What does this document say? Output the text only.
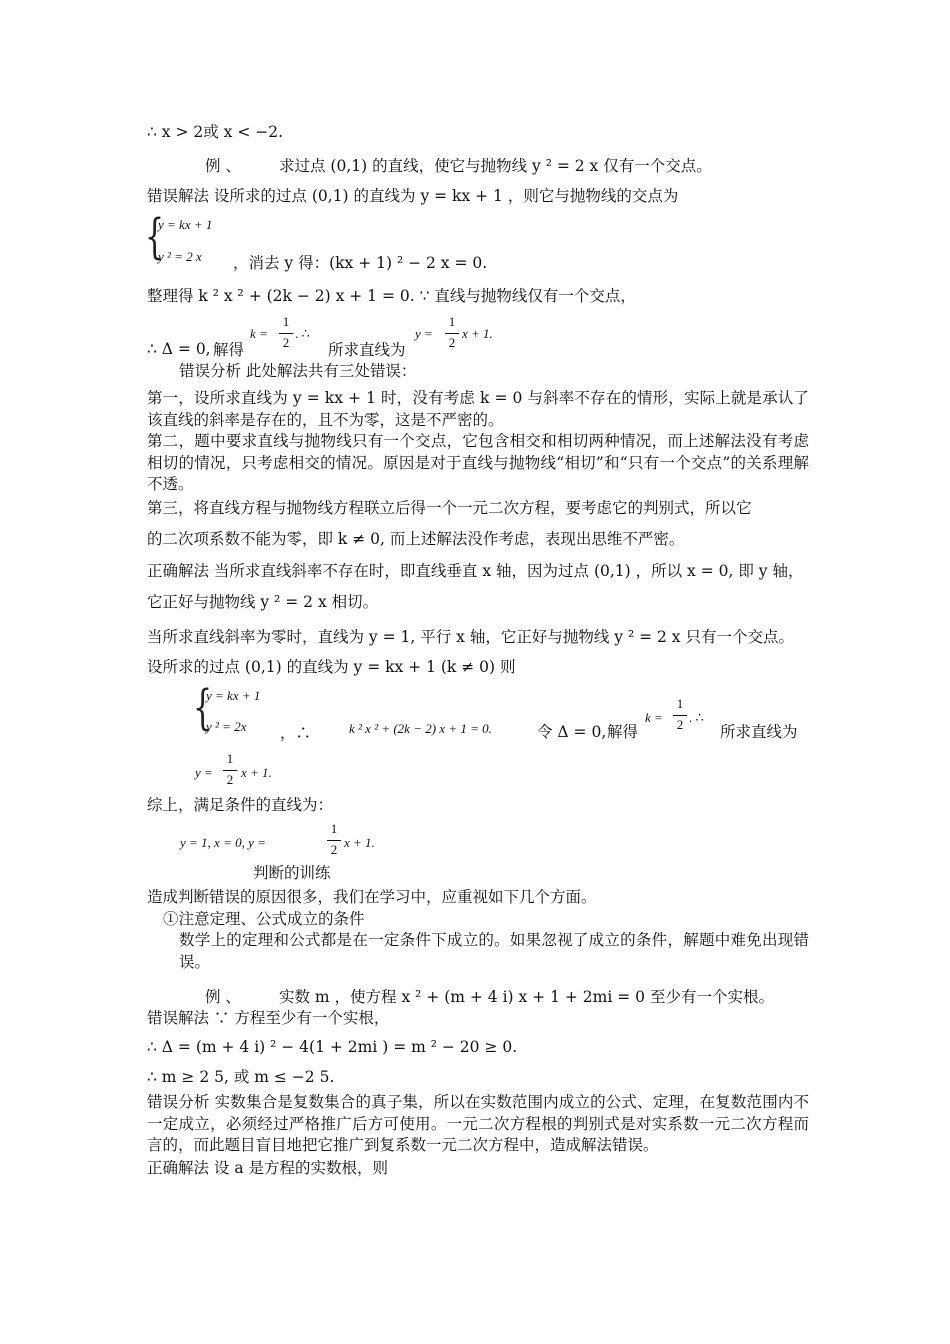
∴ x > 2或 x < −2.
例 、 求过点 (0,1) 的直线，使它与抛物线 y ² = 2 x 仅有一个交点。
错误解法 设所求的过点 (0,1) 的直线为 y = kx + 1 ，则它与抛物线的交点为
{
y = kx + 1
y ² = 2 x ，消去 y 得：(kx + 1) ² − 2 x = 0.
整理得 k ² x ² + (2k − 2) x + 1 = 0. ∵ 直线与抛物线仅有一个交点，
∴ Δ = 0, 解得
k =
1
2
. ∴
所求直线为
y =
1
2
x + 1.
错误分析 此处解法共有三处错误：
第一，设所求直线为 y = kx + 1 时，没有考虑 k = 0 与斜率不存在的情形，实际上就是承认了该直线的斜率是存在的，且不为零，这是不严密的。
第二，题中要求直线与抛物线只有一个交点，它包含相交和相切两种情况，而上述解法没有考虑相切的情况，只考虑相交的情况。原因是对于直线与抛物线“相切”和“只有一个交点”的关系理解不透。
第三，将直线方程与抛物线方程联立后得一个一元二次方程，要考虑它的判别式，所以它
的二次项系数不能为零，即 k ≠ 0, 而上述解法没作考虑，表现出思维不严密。
正确解法 当所求直线斜率不存在时，即直线垂直 x 轴，因为过点 (0,1) ，所以 x = 0, 即 y 轴，
它正好与抛物线 y ² = 2 x 相切。
当所求直线斜率为零时，直线为 y = 1, 平行 x 轴，它正好与抛物线 y ² = 2 x 只有一个交点。
设所求的过点 (0,1) 的直线为 y = kx + 1 (k ≠ 0) 则
{
y = kx + 1
y ² = 2x ，∴	k ² x ² + (2k − 2) x + 1 = 0.	令 Δ = 0, 解得
k =
1
2 . ∴
所求直线为
y =
1
2 x + 1.
综上，满足条件的直线为：
y = 1, x = 0, y =
1
2 x + 1.
判断的训练
造成判断错误的原因很多，我们在学习中，应重视如下几个方面。
①注意定理、公式成立的条件
数学上的定理和公式都是在一定条件下成立的。如果忽视了成立的条件，解题中难免出现错误。
例 、 实数 m ，使方程 x ² + (m + 4 i) x + 1 + 2mi = 0 至少有一个实根。
错误解法 ∵ 方程至少有一个实根，
∴ Δ = (m + 4 i) ² − 4(1 + 2mi ) = m ² − 20 ≥ 0.
∴ m ≥ 2 5, 或 m ≤ −2 5.
错误分析 实数集合是复数集合的真子集，所以在实数范围内成立的公式、定理，在复数范围内不一定成立，必须经过严格推广后方可使用。一元二次方程根的判别式是对实系数一元二次方程而言的，而此题目盲目地把它推广到复系数一元二次方程中，造成解法错误。
正确解法 设 a 是方程的实数根，则
